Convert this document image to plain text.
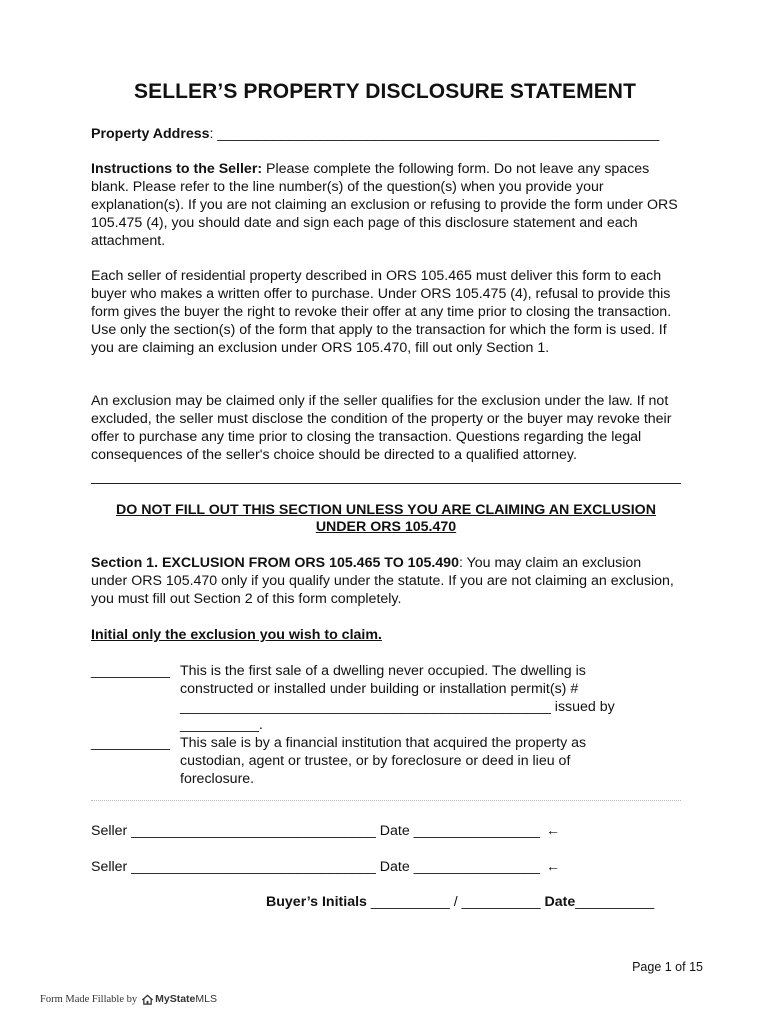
SELLER’S PROPERTY DISCLOSURE STATEMENT
Property Address: ________________________________________________________
Instructions to the Seller: Please complete the following form. Do not leave any spaces blank. Please refer to the line number(s) of the question(s) when you provide your explanation(s). If you are not claiming an exclusion or refusing to provide the form under ORS 105.475 (4), you should date and sign each page of this disclosure statement and each attachment.
Each seller of residential property described in ORS 105.465 must deliver this form to each buyer who makes a written offer to purchase. Under ORS 105.475 (4), refusal to provide this form gives the buyer the right to revoke their offer at any time prior to closing the transaction. Use only the section(s) of the form that apply to the transaction for which the form is used. If you are claiming an exclusion under ORS 105.470, fill out only Section 1.
An exclusion may be claimed only if the seller qualifies for the exclusion under the law. If not excluded, the seller must disclose the condition of the property or the buyer may revoke their offer to purchase any time prior to closing the transaction. Questions regarding the legal consequences of the seller's choice should be directed to a qualified attorney.
DO NOT FILL OUT THIS SECTION UNLESS YOU ARE CLAIMING AN EXCLUSION
UNDER ORS 105.470
Section 1. EXCLUSION FROM ORS 105.465 TO 105.490: You may claim an exclusion under ORS 105.470 only if you qualify under the statute. If you are not claiming an exclusion, you must fill out Section 2 of this form completely.
Initial only the exclusion you wish to claim.
__________ This is the first sale of a dwelling never occupied. The dwelling is
constructed or installed under building or installation permit(s) #
_______________________________________________ issued by
__________.
__________ This sale is by a financial institution that acquired the property as
custodian, agent or trustee, or by foreclosure or deed in lieu of
foreclosure.
Seller _______________________________ Date ________________ ←
Seller _______________________________ Date ________________ ←
Buyer’s Initials __________ / __________ Date__________
Page 1 of 15
Form Made Fillable by MyState MLS
